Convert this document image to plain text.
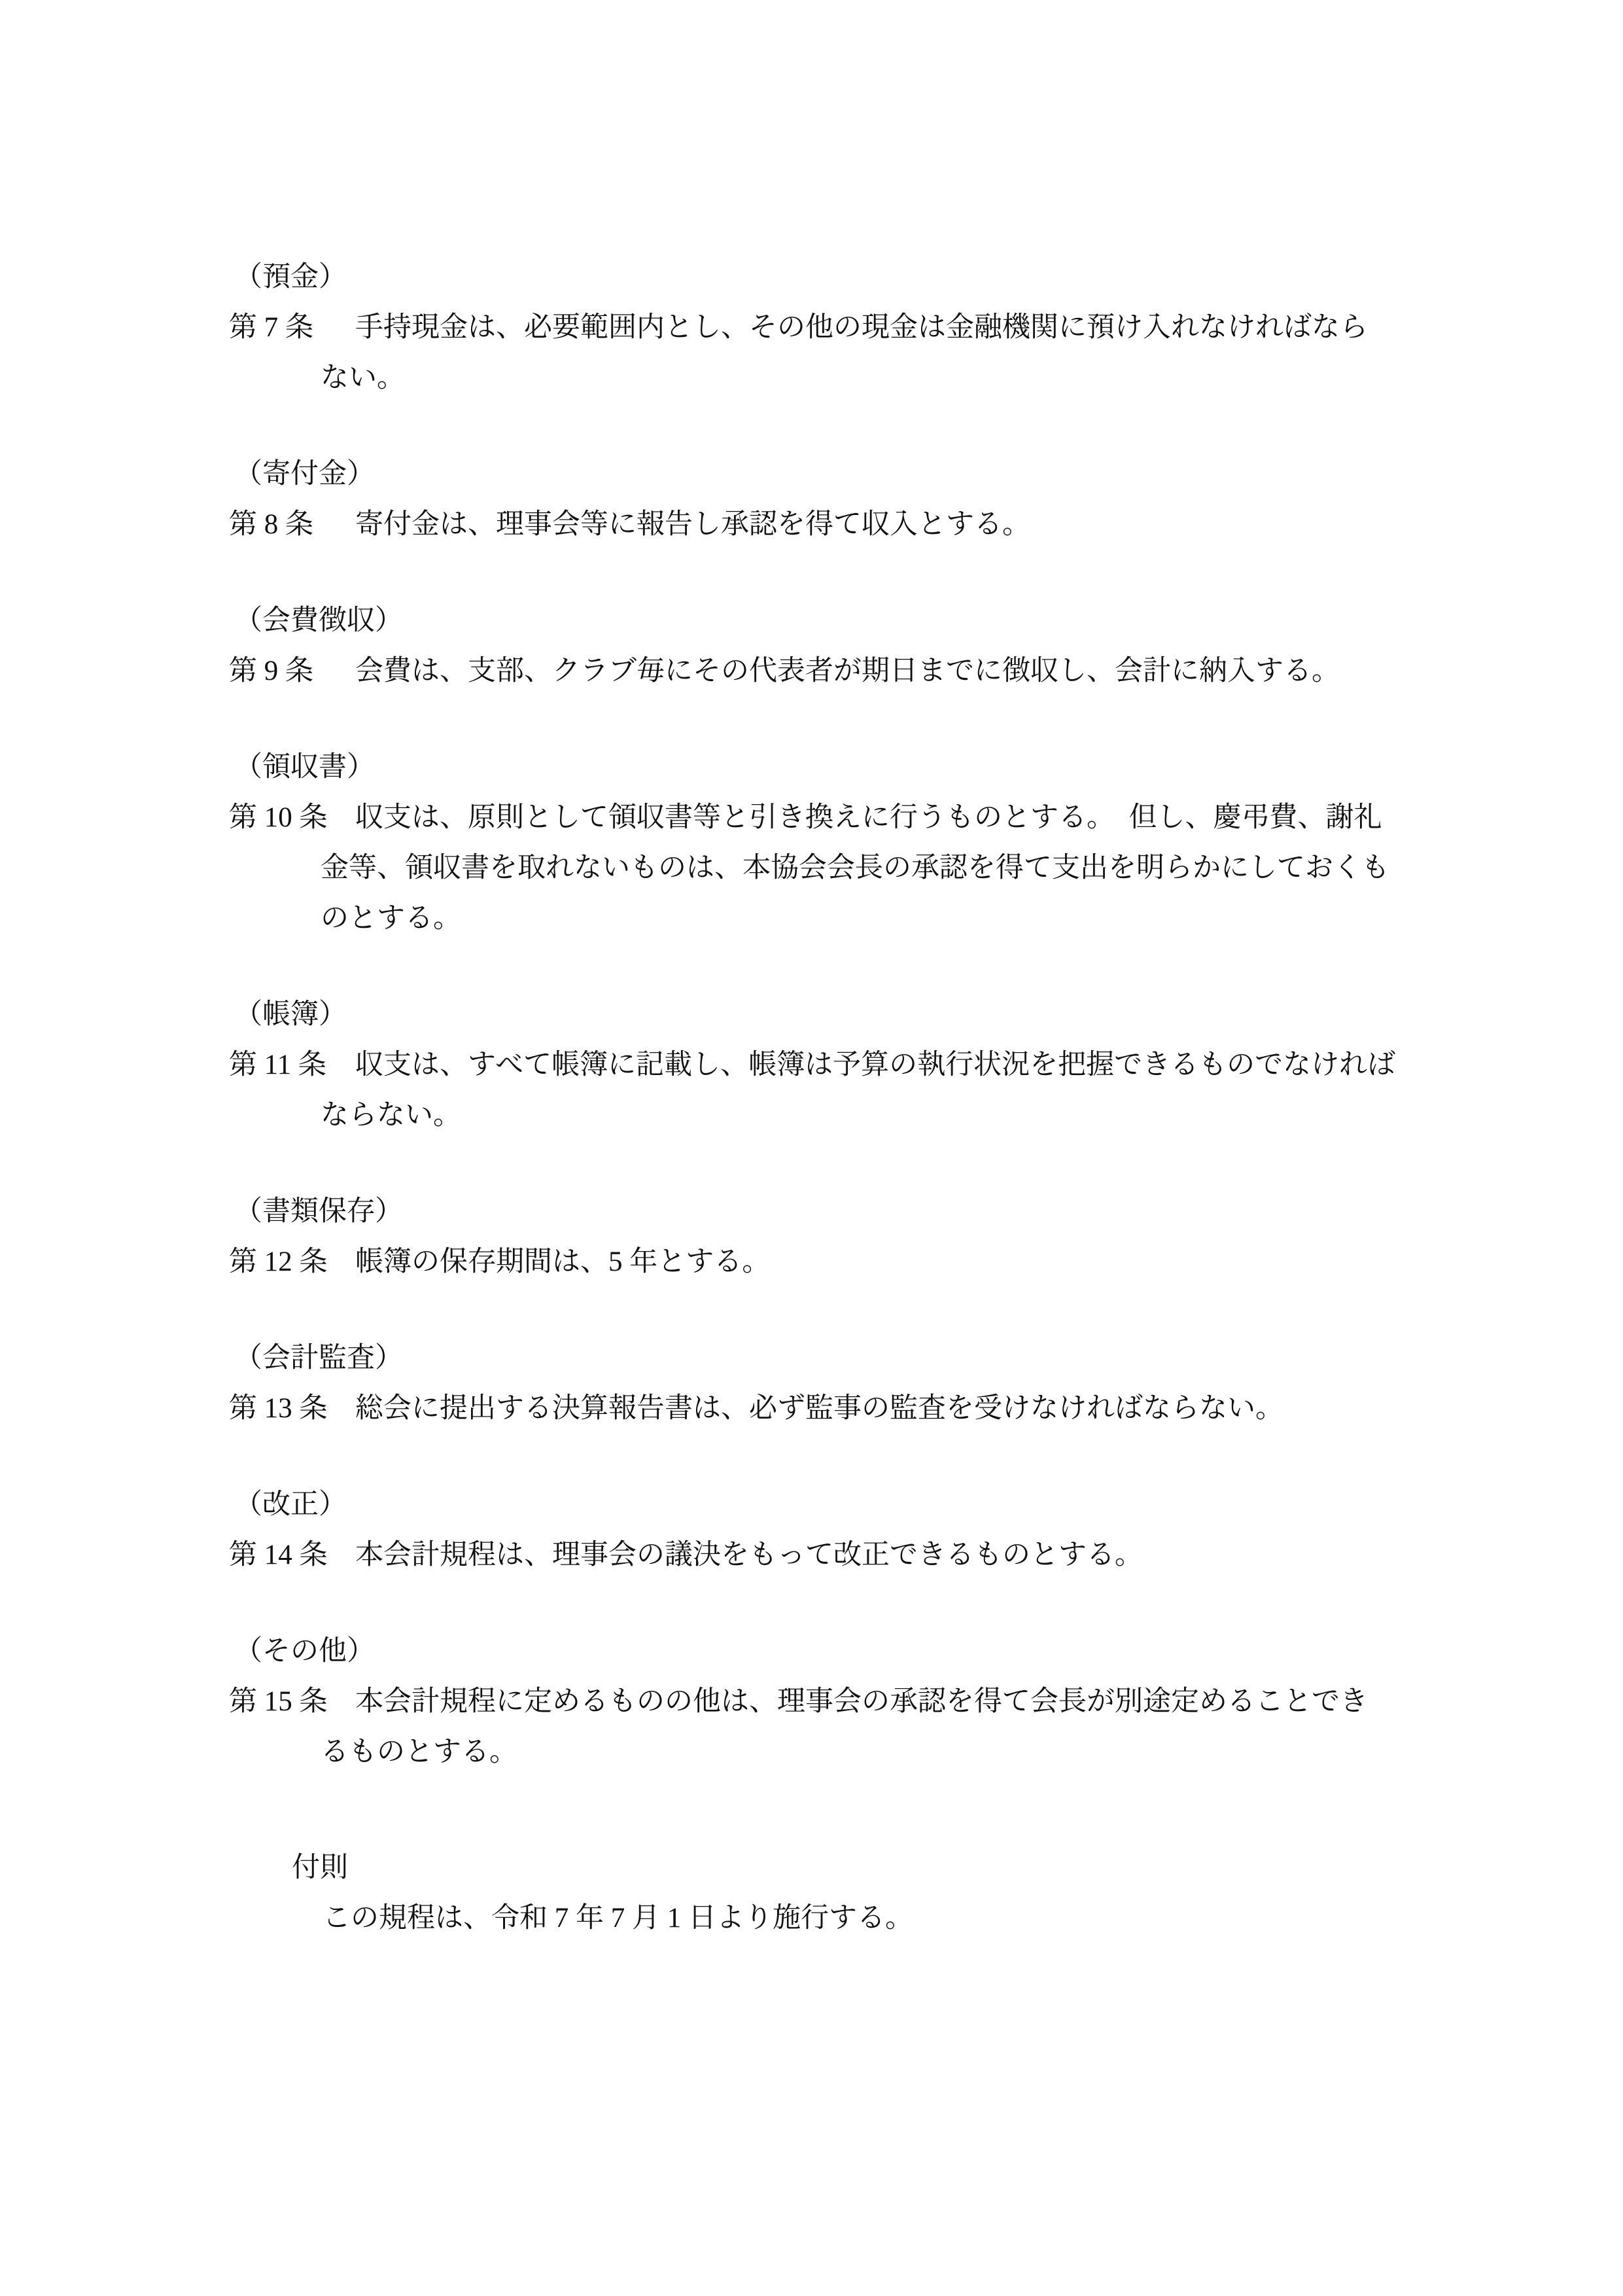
（預金）
第 7 条 手持現金は、必要範囲内とし、その他の現金は金融機関に預け入れなければなら
ない。
（寄付金）
第 8 条 寄付金は、理事会等に報告し承認を得て収入とする。
（会費徴収）
第 9 条 会費は、支部、クラブ毎にその代表者が期日までに徴収し、会計に納入する。
（領収書）
第 10 条 収支は、原則として領収書等と引き換えに行うものとする。　但し、慶弔費、謝礼
金等、領収書を取れないものは、本協会会長の承認を得て支出を明らかにしておくも
のとする。
（帳簿）
第 11 条 収支は、すべて帳簿に記載し、帳簿は予算の執行状況を把握できるものでなければ
ならない。
（書類保存）
第 12 条 帳簿の保存期間は、5 年とする。
（会計監査）
第 13 条 総会に提出する決算報告書は、必ず監事の監査を受けなければならない。
（改正）
第 14 条 本会計規程は、理事会の議決をもって改正できるものとする。
（その他）
第 15 条 本会計規程に定めるものの他は、理事会の承認を得て会長が別途定めることでき
るものとする。
付則
この規程は、令和 7 年 7 月 1 日より施行する。
